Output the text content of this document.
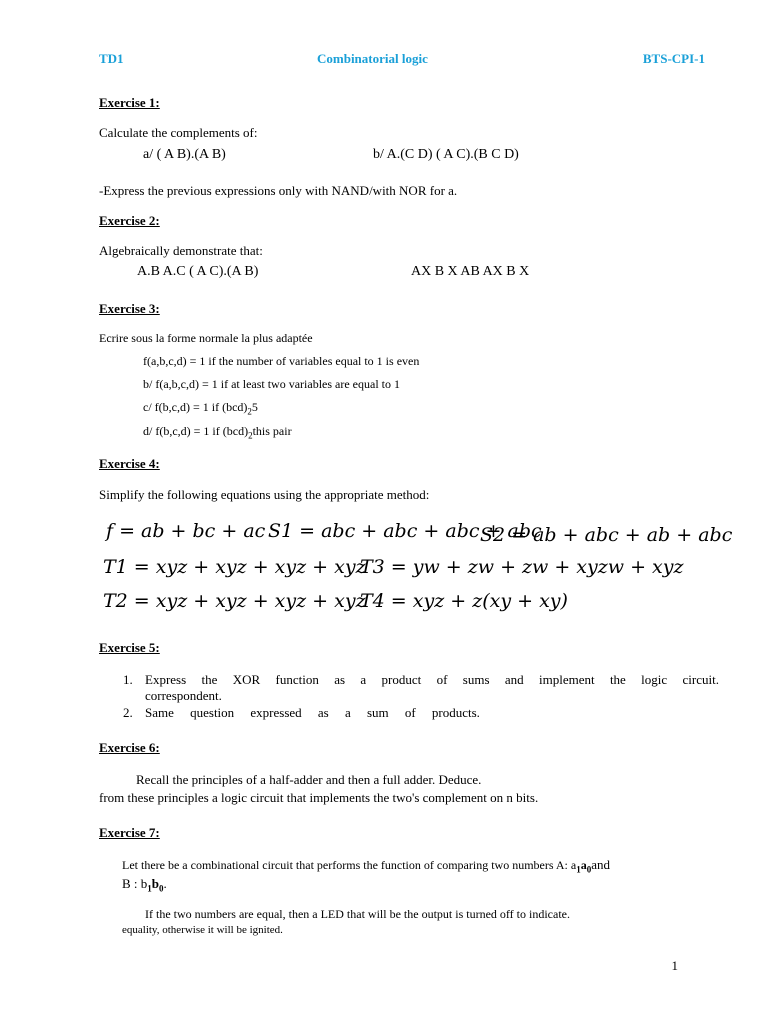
TD1	Combinatorial logic	BTS-CPI-1
Exercise 1:
Calculate the complements of:
a/ ( A B).(A B)	b/ A.(C D) ( A C).(B C D)
-Express the previous expressions only with NAND/with NOR for a.
Exercise 2:
Algebraically demonstrate that:
A.B A.C ( A C).(A B)	AX B X AB AX B X
Exercise 3:
Ecrire sous la forme normale la plus adaptée
f(a,b,c,d) = 1 if the number of variables equal to 1 is even
b/ f(a,b,c,d) = 1 if at least two variables are equal to 1
c/ f(b,c,d) = 1 if $(bcd)_25$
d/ f(b,c,d) = 1 if $(bcd)_2this$ pair
Exercise 4:
Simplify the following equations using the appropriate method:
f = ab + bc + ac S1 = abc + abc + abc + abc
S2 = ab + abc + ab + abc
T1 = xyz + xyz + xyz + xyz
T3 = yw + zw + zw + xyzw + xyz
T2 = xyz + xyz + xyz + xyz
T4 = xyz + z(xy + xy)
Exercise 5:
1. Express the XOR function as a product of sums and implement the logic circuit.
correspondent.
2. Same question expressed as a sum of products.
Exercise 6:
Recall the principles of a half-adder and then a full adder. Deduce.
from these principles a logic circuit that implements the two's complement on n bits.
Exercise 7:
Let there be a combinational circuit that performs the function of comparing two numbers A: $a_1a_0and$
B : $b_1b_0$.
If the two numbers are equal, then a LED that will be the output is turned off to indicate.
equality, otherwise it will be ignited.
1
